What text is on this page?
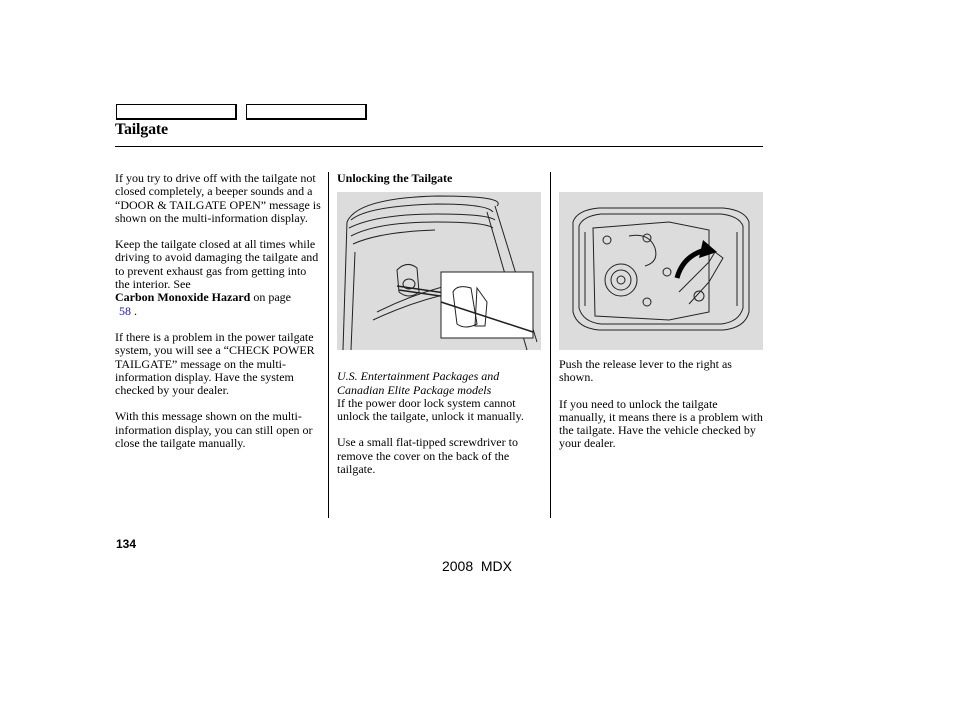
Tailgate

If you try to drive off with the tailgate not closed completely, a beeper sounds and a “DOOR & TAILGATE OPEN” message is shown on the multi-information display.

Keep the tailgate closed at all times while driving to avoid damaging the tailgate and to prevent exhaust gas from getting into the interior. See
Carbon Monoxide Hazard on page
58 .

If there is a problem in the power tailgate system, you will see a “CHECK POWER TAILGATE” message on the multi-information display. Have the system checked by your dealer.

With this message shown on the multi-information display, you can still open or close the tailgate manually.

Unlocking the Tailgate

U.S. Entertainment Packages and Canadian Elite Package models

If the power door lock system cannot unlock the tailgate, unlock it manually.

Use a small flat-tipped screwdriver to remove the cover on the back of the tailgate.

Push the release lever to the right as shown.

If you need to unlock the tailgate manually, it means there is a problem with the tailgate. Have the vehicle checked by your dealer.

134
2008  MDX
